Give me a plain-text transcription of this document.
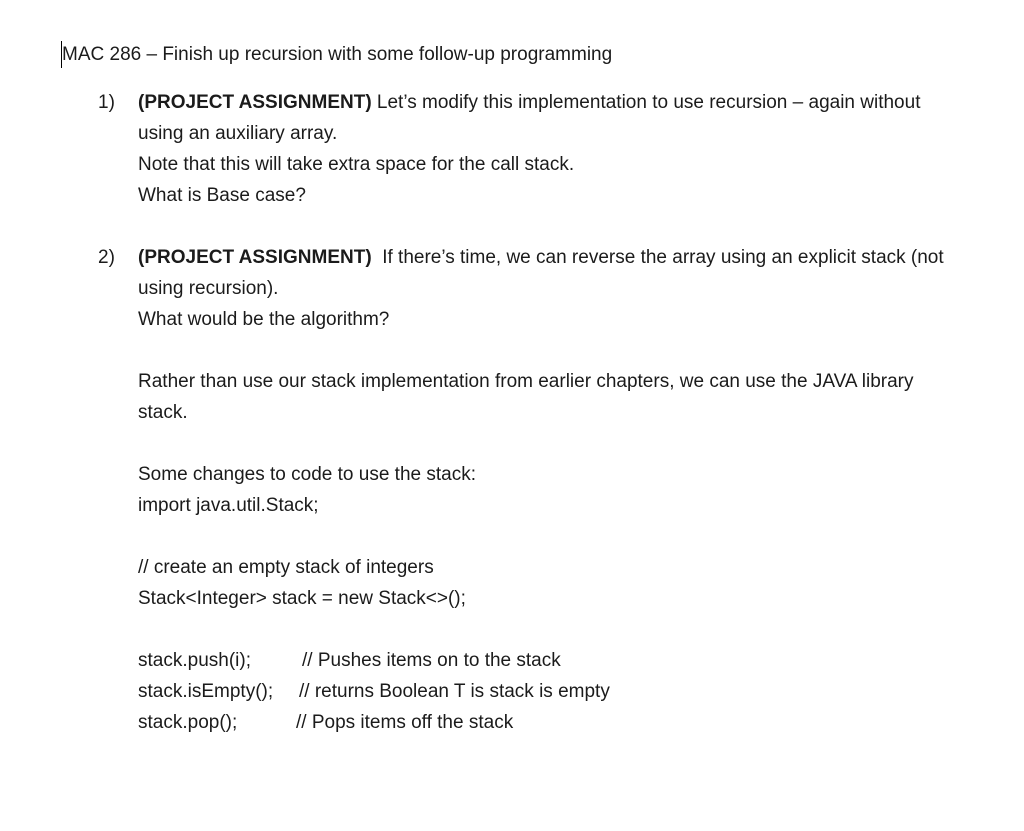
MAC 286 – Finish up recursion with some follow-up programming
1) (PROJECT ASSIGNMENT) Let’s modify this implementation to use recursion – again without
using an auxiliary array.
Note that this will take extra space for the call stack.
What is Base case?
2) (PROJECT ASSIGNMENT)  If there’s time, we can reverse the array using an explicit stack (not
using recursion).
What would be the algorithm?
Rather than use our stack implementation from earlier chapters, we can use the JAVA library
stack.
Some changes to code to use the stack:
import java.util.Stack;
// create an empty stack of integers
Stack<Integer> stack = new Stack<>();
stack.push(i);	// Pushes items on to the stack
stack.isEmpty(); // returns Boolean T is stack is empty
stack.pop();	// Pops items off the stack
